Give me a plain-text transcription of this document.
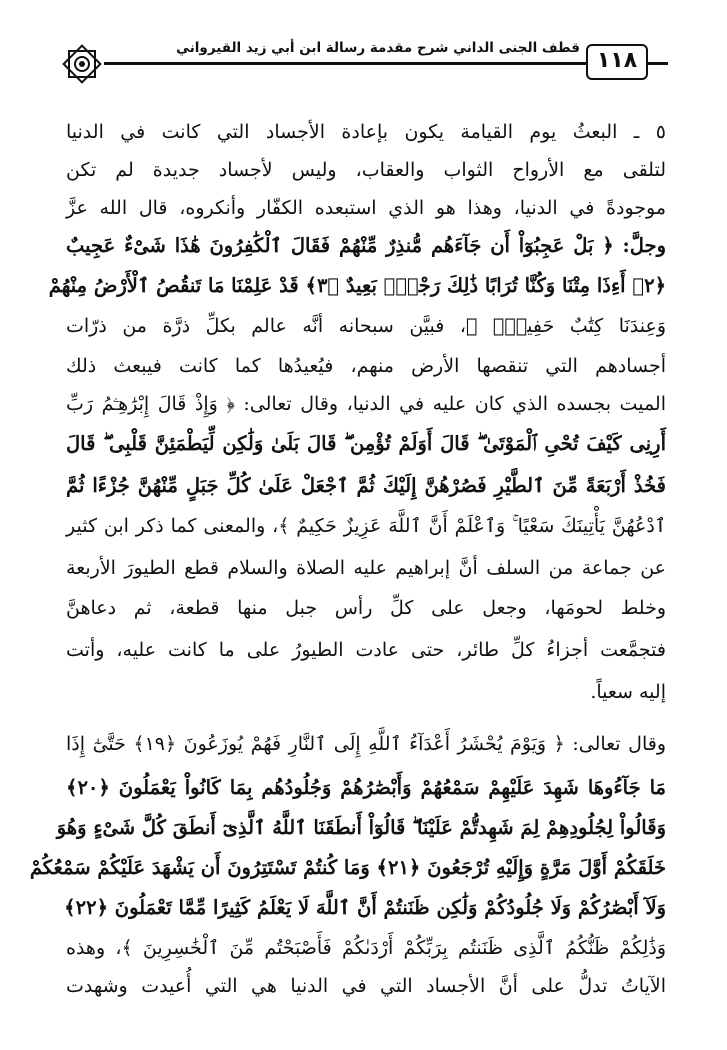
قطف الجنى الداني شرح مقدمة رسالة ابن أبي زيد القيرواني ١١٨
٥ ـ البعثُ يوم القيامة يكون بإعادة الأجساد التي كانت في الدنيا
لتلقى مع الأرواح الثواب والعقاب، وليس لأجساد جديدة لم تكن
موجودةً في الدنيا، وهذا هو الذي استبعده الكفّار وأنكروه، قال الله عزَّ
وجلَّ: ﴿ بَلْ عَجِبُوٓاْ أَن جَآءَهُم مُّنذِرٌ مِّنْهُمْ فَقَالَ ٱلْكَٰفِرُونَ هَٰذَا شَىْءٌ عَجِيبٌ
﴿٢﴾ أَءِذَا مِتْنَا وَكُنَّا تُرَابًا ذَٰلِكَ رَجْعٌۢ بَعِيدٌ ﴿٣﴾ قَدْ عَلِمْنَا مَا تَنقُصُ ٱلْأَرْضُ مِنْهُمْ
وَعِندَنَا كِتَٰبٌ حَفِيظٌۢ ﴾، فبيَّن سبحانه أنَّه عالم بكلِّ ذرَّة من ذرّات
أجسادهم التي تنقصها الأرض منهم، فيُعيدُها كما كانت فيبعث ذلك
الميت بجسده الذي كان عليه في الدنيا، وقال تعالى: ﴿ وَإِذْ قَالَ إِبْرَٰهِـۧمُ رَبِّ
أَرِنِى كَيْفَ تُحْىِ ٱلْمَوْتَىٰ ۖ قَالَ أَوَلَمْ تُؤْمِن ۖ قَالَ بَلَىٰ وَلَٰكِن لِّيَطْمَئِنَّ قَلْبِى ۖ قَالَ
فَخُذْ أَرْبَعَةً مِّنَ ٱلطَّيْرِ فَصُرْهُنَّ إِلَيْكَ ثُمَّ ٱجْعَلْ عَلَىٰ كُلِّ جَبَلٍ مِّنْهُنَّ جُزْءًا ثُمَّ
ٱدْعُهُنَّ يَأْتِينَكَ سَعْيًا ۚ وَٱعْلَمْ أَنَّ ٱللَّهَ عَزِيزٌ حَكِيمٌ ﴾، والمعنى كما ذكر ابن كثير
عن جماعة من السلف أنَّ إبراهيم عليه الصلاة والسلام قطع الطيورَ الأربعة
وخلط لحومَها، وجعل على كلِّ رأس جبل منها قطعة، ثم دعاهنَّ
فتجمَّعت أجزاءُ كلِّ طائر، حتى عادت الطيورُ على ما كانت عليه، وأتت
إليه سعياً.
وقال تعالى: ﴿ وَيَوْمَ يُحْشَرُ أَعْدَآءُ ٱللَّهِ إِلَى ٱلنَّارِ فَهُمْ يُوزَعُونَ ﴿١٩﴾ حَتَّىٰٓ إِذَا
مَا جَآءُوهَا شَهِدَ عَلَيْهِمْ سَمْعُهُمْ وَأَبْصَٰرُهُمْ وَجُلُودُهُم بِمَا كَانُواْ يَعْمَلُونَ ﴿٢٠﴾
وَقَالُواْ لِجُلُودِهِمْ لِمَ شَهِدتُّمْ عَلَيْنَا ۖ قَالُوٓاْ أَنطَقَنَا ٱللَّهُ ٱلَّذِىٓ أَنطَقَ كُلَّ شَىْءٍ وَهُوَ
خَلَقَكُمْ أَوَّلَ مَرَّةٍ وَإِلَيْهِ تُرْجَعُونَ ﴿٢١﴾ وَمَا كُنتُمْ تَسْتَتِرُونَ أَن يَشْهَدَ عَلَيْكُمْ سَمْعُكُمْ
وَلَآ أَبْصَٰرُكُمْ وَلَا جُلُودُكُمْ وَلَٰكِن ظَنَنتُمْ أَنَّ ٱللَّهَ لَا يَعْلَمُ كَثِيرًا مِّمَّا تَعْمَلُونَ ﴿٢٢﴾
وَذَٰلِكُمْ ظَنُّكُمُ ٱلَّذِى ظَنَنتُم بِرَبِّكُمْ أَرْدَىٰكُمْ فَأَصْبَحْتُم مِّنَ ٱلْخَٰسِرِينَ ﴾، وهذه
الآياتُ تدلُّ على أنَّ الأجساد التي في الدنيا هي التي أُعيدت وشهدت
